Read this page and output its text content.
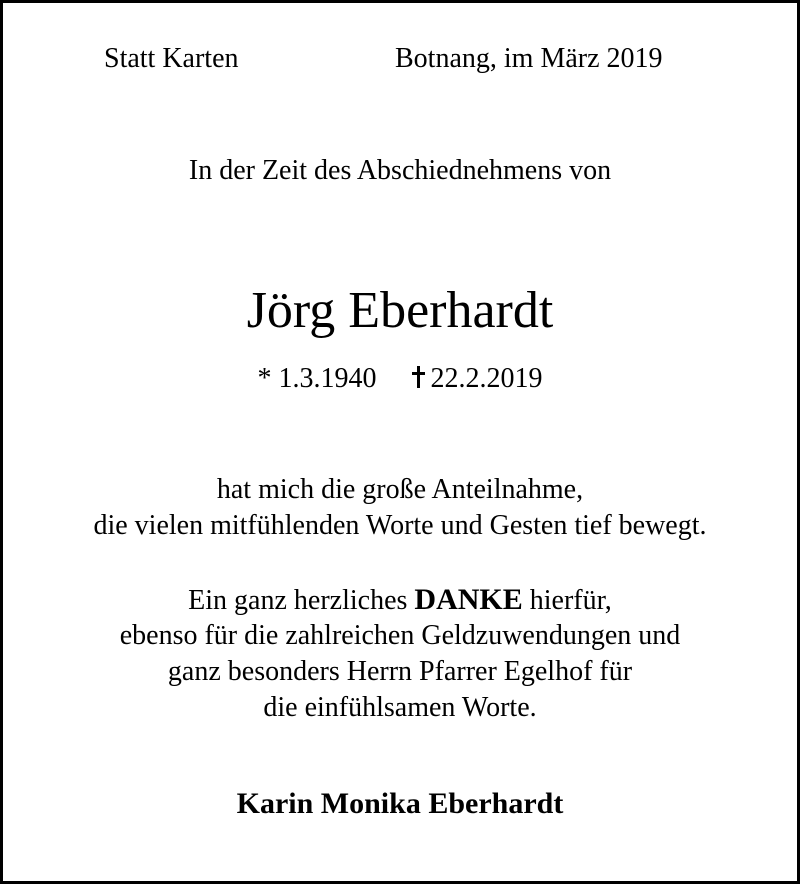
Statt Karten	Botnang, im März 2019
In der Zeit des Abschiednehmens von
Jörg Eberhardt
* 1.3.1940 22.2.2019
hat mich die große Anteilnahme,
die vielen mitfühlenden Worte und Gesten tief bewegt.
Ein ganz herzliches DANKE hierfür,
ebenso für die zahlreichen Geldzuwendungen und
ganz besonders Herrn Pfarrer Egelhof für
die einfühlsamen Worte.
Karin Monika Eberhardt
